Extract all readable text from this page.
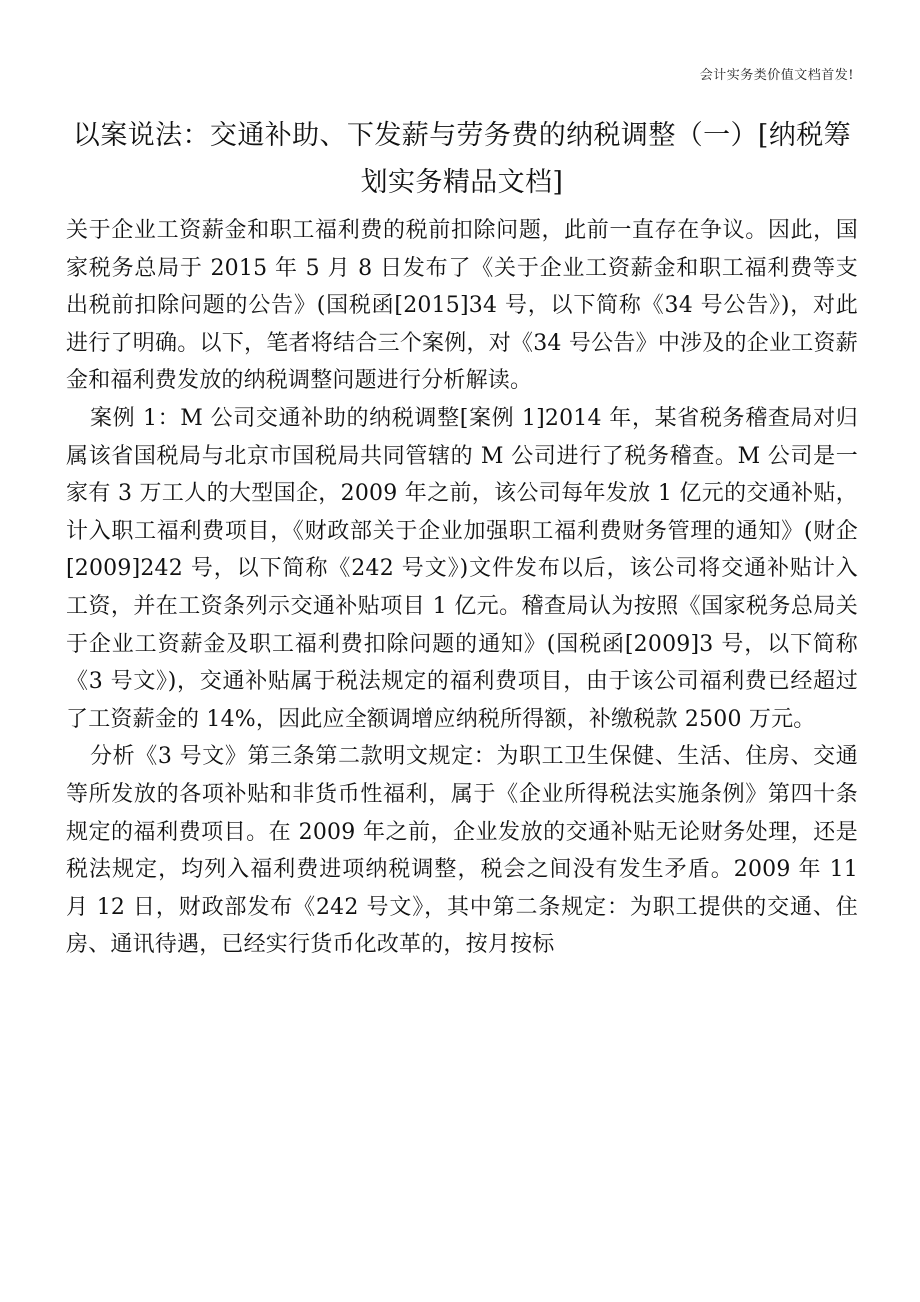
会计实务类价值文档首发!
以案说法：交通补助、下发薪与劳务费的纳税调整（一）[纳税筹划实务精品文档]

关于企业工资薪金和职工福利费的税前扣除问题，此前一直存在争议。因此，国家税务总局于 2015 年 5 月 8 日发布了《关于企业工资薪金和职工福利费等支出税前扣除问题的公告》(国税函[2015]34 号，以下简称《34 号公告》)，对此进行了明确。以下，笔者将结合三个案例，对《34 号公告》中涉及的企业工资薪金和福利费发放的纳税调整问题进行分析解读。

案例 1：M 公司交通补助的纳税调整[案例 1]2014 年，某省税务稽查局对归属该省国税局与北京市国税局共同管辖的 M 公司进行了税务稽查。M 公司是一家有 3 万工人的大型国企，2009 年之前，该公司每年发放 1 亿元的交通补贴，计入职工福利费项目，《财政部关于企业加强职工福利费财务管理的通知》(财企[2009]242 号，以下简称《242 号文》)文件发布以后，该公司将交通补贴计入工资，并在工资条列示交通补贴项目 1 亿元。稽查局认为按照《国家税务总局关于企业工资薪金及职工福利费扣除问题的通知》(国税函[2009]3 号，以下简称《3 号文》)，交通补贴属于税法规定的福利费项目，由于该公司福利费已经超过了工资薪金的 14%，因此应全额调增应纳税所得额，补缴税款 2500 万元。

分析《3 号文》第三条第二款明文规定：为职工卫生保健、生活、住房、交通等所发放的各项补贴和非货币性福利，属于《企业所得税法实施条例》第四十条规定的福利费项目。在 2009 年之前，企业发放的交通补贴无论财务处理，还是税法规定，均列入福利费进项纳税调整，税会之间没有发生矛盾。2009 年 11 月 12 日，财政部发布《242 号文》，其中第二条规定：为职工提供的交通、住房、通讯待遇，已经实行货币化改革的，按月按标
